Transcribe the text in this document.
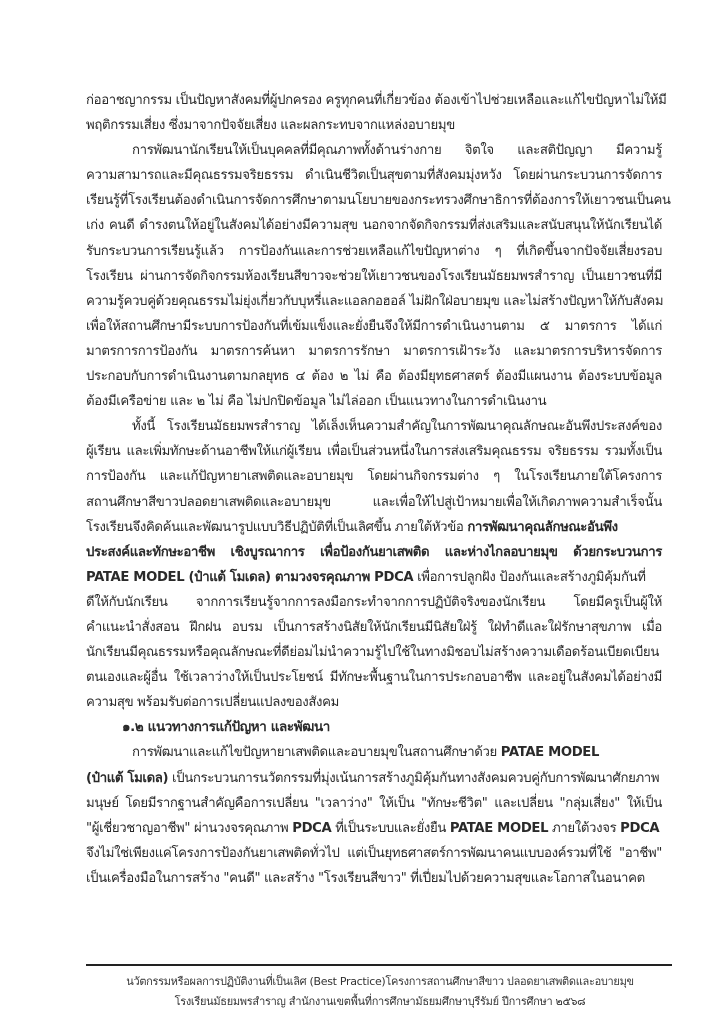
ก่ออาชญากรรม เป็นปัญหาสังคมที่ผู้ปกครอง ครูทุกคนที่เกี่ยวข้อง ต้องเข้าไปช่วยเหลือและแก้ไขปัญหาไม่ให้มี
พฤติกรรมเสี่ยง ซึ่งมาจากปัจจัยเสี่ยง และผลกระทบจากแหล่งอบายมุข
การพัฒนานักเรียนให้เป็นบุคคลที่มีคุณภาพทั้งด้านร่างกาย จิตใจ และสติปัญญา มีความรู้
ความสามารถและมีคุณธรรมจริยธรรม ดำเนินชีวิตเป็นสุขตามที่สังคมมุ่งหวัง โดยผ่านกระบวนการจัดการ
เรียนรู้ที่โรงเรียนต้องดำเนินการจัดการศึกษาตามนโยบายของกระทรวงศึกษาธิการที่ต้องการให้เยาวชนเป็นคน
เก่ง คนดี ดำรงตนให้อยู่ในสังคมได้อย่างมีความสุข นอกจากจัดกิจกรรมที่ส่งเสริมและสนับสนุนให้นักเรียนได้
รับกระบวนการเรียนรู้แล้ว การป้องกันและการช่วยเหลือแก้ไขปัญหาต่าง ๆ ที่เกิดขึ้นจากปัจจัยเสี่ยงรอบ
โรงเรียน ผ่านการจัดกิจกรรมห้องเรียนสีขาวจะช่วยให้เยาวชนของโรงเรียนมัธยมพรสำราญ เป็นเยาวชนที่มี
ความรู้ควบคู่ด้วยคุณธรรมไม่ยุ่งเกี่ยวกับบุหรี่และแอลกอฮอล์ ไม่ฝักใฝ่อบายมุข และไม่สร้างปัญหาให้กับสังคม
เพื่อให้สถานศึกษามีระบบการป้องกันที่เข้มแข็งและยั่งยืนจึงให้มีการดำเนินงานตาม ๕ มาตรการ ได้แก่
มาตรการการป้องกัน มาตรการค้นหา มาตรการรักษา มาตรการเฝ้าระวัง และมาตรการบริหารจัดการ
ประกอบกับการดำเนินงานตามกลยุทธ ๔ ต้อง ๒ ไม่ คือ ต้องมียุทธศาสตร์ ต้องมีแผนงาน ต้องระบบข้อมูล
ต้องมีเครือข่าย และ ๒ ไม่ คือ ไม่ปกปิดข้อมูล ไม่ไล่ออก เป็นแนวทางในการดำเนินงาน
ทั้งนี้ โรงเรียนมัธยมพรสำราญ ได้เล็งเห็นความสำคัญในการพัฒนาคุณลักษณะอันพึงประสงค์ของ
ผู้เรียน และเพิ่มทักษะด้านอาชีพให้แก่ผู้เรียน เพื่อเป็นส่วนหนึ่งในการส่งเสริมคุณธรรม จริยธรรม รวมทั้งเป็น
การป้องกัน และแก้ปัญหายาเสพติดและอบายมุข โดยผ่านกิจกรรมต่าง ๆ ในโรงเรียนภายใต้โครงการ
สถานศึกษาสีขาวปลอดยาเสพติดและอบายมุข และเพื่อให้ไปสู่เป้าหมายเพื่อให้เกิดภาพความสำเร็จนั้น
โรงเรียนจึงคิดค้นและพัฒนารูปแบบวิธีปฏิบัติที่เป็นเลิศขึ้น ภายใต้หัวข้อ การพัฒนาคุณลักษณะอันพึง
ประสงค์และทักษะอาชีพ เชิงบูรณาการ เพื่อป้องกันยาเสพติด และห่างไกลอบายมุข ด้วยกระบวนการ
PATAE MODEL (ป๋าแต้ โมเดล) ตามวงจรคุณภาพ PDCA เพื่อการปลูกฝัง ป้องกันและสร้างภูมิคุ้มกันที่
ดีให้กับนักเรียน จากการเรียนรู้จากการลงมือกระทำจากการปฏิบัติจริงของนักเรียน โดยมีครูเป็นผู้ให้
คำแนะนำสั่งสอน ฝึกฝน อบรม เป็นการสร้างนิสัยให้นักเรียนมีนิสัยใฝ่รู้ ใฝ่ทำดีและใฝ่รักษาสุขภาพ เมื่อ
นักเรียนมีคุณธรรมหรือคุณลักษณะที่ดีย่อมไม่นำความรู้ไปใช้ในทางมิชอบไม่สร้างความเดือดร้อนเบียดเบียน
ตนเองและผู้อื่น ใช้เวลาว่างให้เป็นประโยชน์ มีทักษะพื้นฐานในการประกอบอาชีพ และอยู่ในสังคมได้อย่างมี
ความสุข พร้อมรับต่อการเปลี่ยนแปลงของสังคม
๑.๒ แนวทางการแก้ปัญหา และพัฒนา
การพัฒนาและแก้ไขปัญหายาเสพติดและอบายมุขในสถานศึกษาด้วย PATAE MODEL
(ป๋าแต้ โมเดล) เป็นกระบวนการนวัตกรรมที่มุ่งเน้นการสร้างภูมิคุ้มกันทางสังคมควบคู่กับการพัฒนาศักยภาพ
มนุษย์ โดยมีรากฐานสำคัญคือการเปลี่ยน "เวลาว่าง" ให้เป็น "ทักษะชีวิต" และเปลี่ยน "กลุ่มเสี่ยง" ให้เป็น
"ผู้เชี่ยวชาญอาชีพ" ผ่านวงจรคุณภาพ PDCA ที่เป็นระบบและยั่งยืน PATAE MODEL ภายใต้วงจร PDCA
จึงไม่ใช่เพียงแค่โครงการป้องกันยาเสพติดทั่วไป แต่เป็นยุทธศาสตร์การพัฒนาคนแบบองค์รวมที่ใช้ "อาชีพ"
เป็นเครื่องมือในการสร้าง "คนดี" และสร้าง "โรงเรียนสีขาว" ที่เปี่ยมไปด้วยความสุขและโอกาสในอนาคต
นวัตกรรมหรือผลการปฏิบัติงานที่เป็นเลิศ (Best Practice)โครงการสถานศึกษาสีขาว ปลอดยาเสพติดและอบายมุข
โรงเรียนมัธยมพรสำราญ สำนักงานเขตพื้นที่การศึกษามัธยมศึกษาบุรีรัมย์ ปีการศึกษา ๒๕๖๘
